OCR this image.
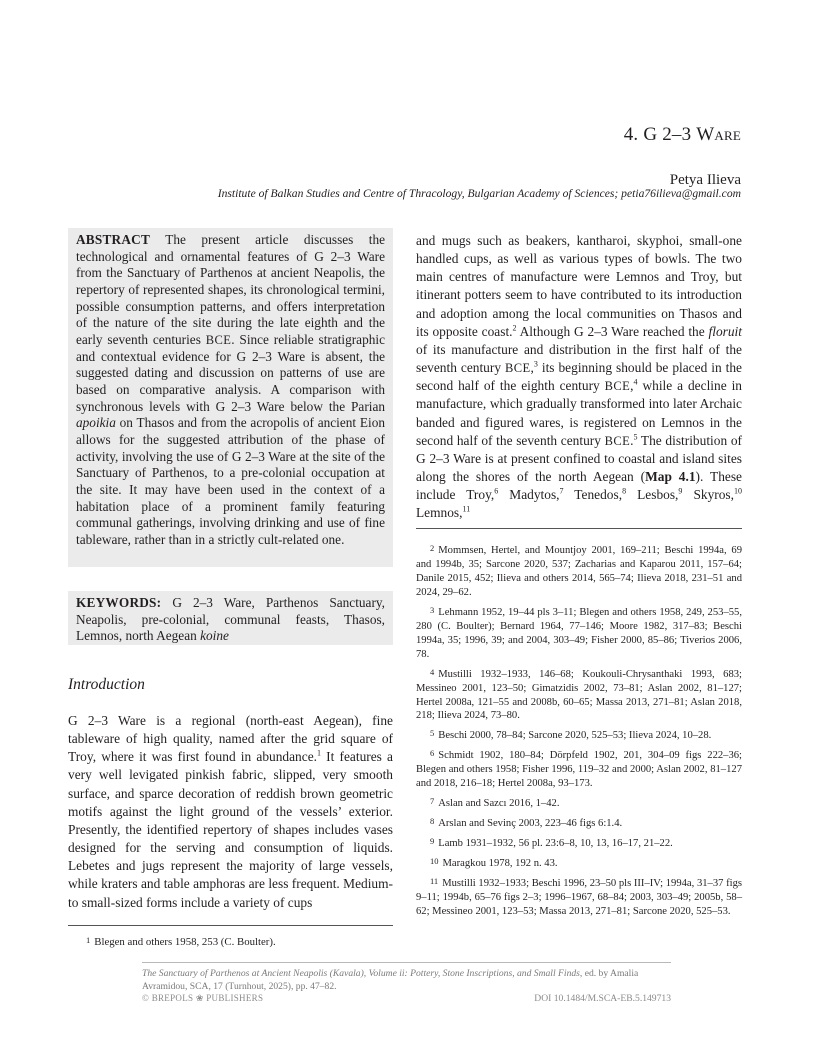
4. G 2–3 Ware
Petya Ilieva
Institute of Balkan Studies and Centre of Thracology, Bulgarian Academy of Sciences; petia76ilieva@gmail.com
ABSTRACT The present article discusses the technological and ornamental features of G 2–3 Ware from the Sanctuary of Parthenos at ancient Neapolis, the repertory of represented shapes, its chronological termini, possible consumption patterns, and offers interpretation of the nature of the site during the late eighth and the early seventh centuries BCE. Since reliable stratigraphic and contextual evidence for G 2–3 Ware is absent, the suggested dating and discussion on patterns of use are based on comparative analysis. A comparison with synchronous levels with G 2–3 Ware below the Parian apoikia on Thasos and from the acropolis of ancient Eion allows for the suggested attribution of the phase of activity, involving the use of G 2–3 Ware at the site of the Sanctuary of Parthenos, to a pre-colonial occupation at the site. It may have been used in the context of a habitation place of a prominent family featuring communal gatherings, involving drinking and use of fine tableware, rather than in a strictly cult-related one.
KEYWORDS: G 2–3 Ware, Parthenos Sanctuary, Neapolis, pre-colonial, communal feasts, Thasos, Lemnos, north Aegean koine
Introduction

G 2–3 Ware is a regional (north-east Aegean), fine tableware of high quality, named after the grid square of Troy, where it was first found in abundance.$^1$ It features a very well levigated pinkish fabric, slipped, very smooth surface, and sparce decoration of reddish brown geometric motifs against the light ground of the vessels’ exterior. Presently, the identified repertory of shapes includes vases designed for the serving and consumption of liquids. Lebetes and jugs represent the majority of large vessels, while kraters and table amphoras are less frequent. Medium- to small-sized forms include a variety of cups

1 Blegen and others 1958, 253 (C. Boulter).

and mugs such as beakers, kantharoi, skyphoi, small-one handled cups, as well as various types of bowls. The two main centres of manufacture were Lemnos and Troy, but itinerant potters seem to have contributed to its introduction and adoption among the local communities on Thasos and its opposite coast.$^2$ Although G 2–3 Ware reached the floruit of its manufacture and distribution in the first half of the seventh century BCE,$^3$ its beginning should be placed in the second half of the eighth century BCE,$^4$ while a decline in manufacture, which gradually transformed into later Archaic banded and figured wares, is registered on Lemnos in the second half of the seventh century BCE.$^5$ The distribution of G 2–3 Ware is at present confined to coastal and island sites along the shores of the north Aegean (Map 4.1). These include Troy,$^6$ Madytos,$^7$ Tenedos,$^8$ Lesbos,$^9$ Skyros,$^{10}$ Lemnos,$^{11}$

2 Mommsen, Hertel, and Mountjoy 2001, 169–211; Beschi 1994a, 69 and 1994b, 35; Sarcone 2020, 537; Zacharias and Kaparou 2011, 157–64; Danile 2015, 452; Ilieva and others 2014, 565–74; Ilieva 2018, 231–51 and 2024, 29–62.

3 Lehmann 1952, 19–44 pls 3–11; Blegen and others 1958, 249, 253–55, 280 (C. Boulter); Bernard 1964, 77–146; Moore 1982, 317–83; Beschi 1994a, 35; 1996, 39; and 2004, 303–49; Fisher 2000, 85–86; Tiverios 2006, 78.

4 Mustilli 1932–1933, 146–68; Koukouli-Chrysanthaki 1993, 683; Messineo 2001, 123–50; Gimatzidis 2002, 73–81; Aslan 2002, 81–127; Hertel 2008a, 121–55 and 2008b, 60–65; Massa 2013, 271–81; Aslan 2018, 218; Ilieva 2024, 73–80.

5 Beschi 2000, 78–84; Sarcone 2020, 525–53; Ilieva 2024, 10–28.

6 Schmidt 1902, 180–84; Dörpfeld 1902, 201, 304–09 figs 222–36; Blegen and others 1958; Fisher 1996, 119–32 and 2000; Aslan 2002, 81–127 and 2018, 216–18; Hertel 2008a, 93–173.

7 Aslan and Sazcı 2016, 1–42.

8 Arslan and Sevinç 2003, 223–46 figs 6:1.4.

9 Lamb 1931–1932, 56 pl. 23:6–8, 10, 13, 16–17, 21–22.

10 Maragkou 1978, 192 n. 43.

11 Mustilli 1932–1933; Beschi 1996, 23–50 pls III–IV; 1994a, 31–37 figs 9–11; 1994b, 65–76 figs 2–3; 1996–1967, 68–84; 2003, 303–49; 2005b, 58–62; Messineo 2001, 123–53; Massa 2013, 271–81; Sarcone 2020, 525–53.

The Sanctuary of Parthenos at Ancient Neapolis (Kavala), Volume ii: Pottery, Stone Inscriptions, and Small Finds, ed. by Amalia Avramidou, SCA, 17 (Turnhout, 2025), pp. 47–82.

© BREPOLS ❀ PUBLISHERS	DOI 10.1484/M.SCA-EB.5.149713
